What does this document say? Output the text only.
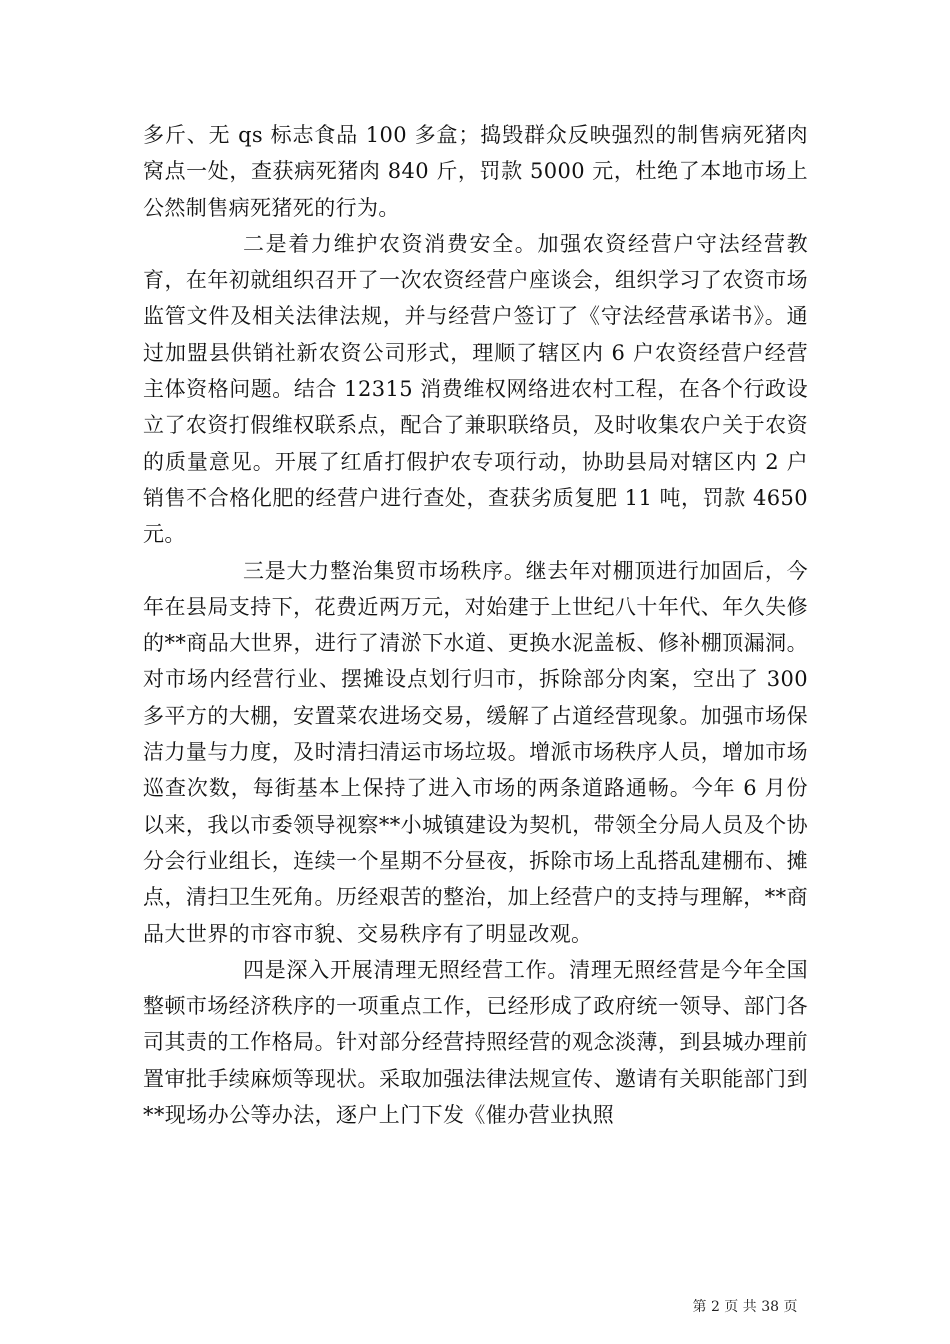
多斤、无 qs 标志食品 100 多盒；捣毁群众反映强烈的制售病死猪肉窝点一处，查获病死猪肉 840 斤，罚款 5000 元，杜绝了本地市场上公然制售病死猪死的行为。

二是着力维护农资消费安全。加强农资经营户守法经营教育，在年初就组织召开了一次农资经营户座谈会，组织学习了农资市场监管文件及相关法律法规，并与经营户签订了《守法经营承诺书》。通过加盟县供销社新农资公司形式，理顺了辖区内 6 户农资经营户经营主体资格问题。结合 12315 消费维权网络进农村工程，在各个行政设立了农资打假维权联系点，配合了兼职联络员，及时收集农户关于农资的质量意见。开展了红盾打假护农专项行动，协助县局对辖区内 2 户销售不合格化肥的经营户进行查处，查获劣质复肥 11 吨，罚款 4650 元。

三是大力整治集贸市场秩序。继去年对棚顶进行加固后，今年在县局支持下，花费近两万元，对始建于上世纪八十年代、年久失修的**商品大世界，进行了清淤下水道、更换水泥盖板、修补棚顶漏洞。对市场内经营行业、摆摊设点划行归市，拆除部分肉案，空出了 300 多平方的大棚，安置菜农进场交易，缓解了占道经营现象。加强市场保洁力量与力度，及时清扫清运市场垃圾。增派市场秩序人员，增加市场巡查次数，每街基本上保持了进入市场的两条道路通畅。今年 6 月份以来，我以市委领导视察**小城镇建设为契机，带领全分局人员及个协分会行业组长，连续一个星期不分昼夜，拆除市场上乱搭乱建棚布、摊点，清扫卫生死角。历经艰苦的整治，加上经营户的支持与理解，**商品大世界的市容市貌、交易秩序有了明显改观。

四是深入开展清理无照经营工作。清理无照经营是今年全国整顿市场经济秩序的一项重点工作，已经形成了政府统一领导、部门各司其责的工作格局。针对部分经营持照经营的观念淡薄，到县城办理前置审批手续麻烦等现状。采取加强法律法规宣传、邀请有关职能部门到**现场办公等办法，逐户上门下发《催办营业执照

第 2 页 共 38 页
